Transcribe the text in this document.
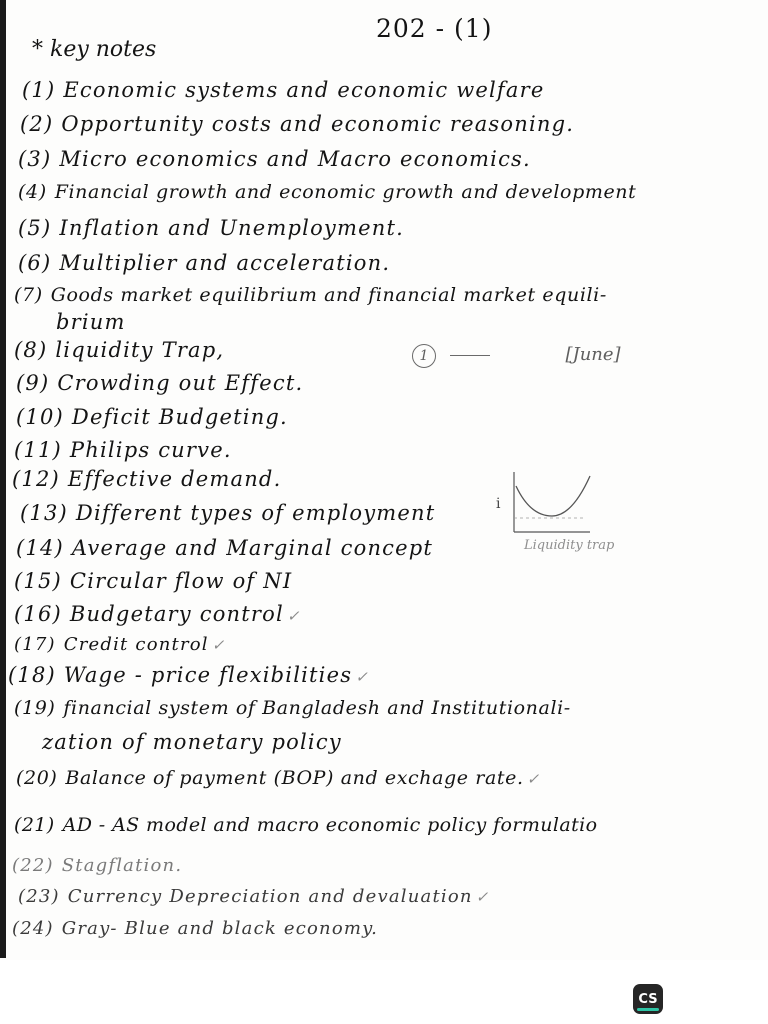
202 - (1)
* key notes
(1) Economic systems and economic welfare
(2) Opportunity costs and economic reasoning.
(3) Micro economics and Macro economics.
(4) Financial growth and economic growth and development
(5) Inflation and Unemployment.
(6) Multiplier and acceleration.
(7) Goods market equilibrium and financial market equili-
brium
(8) liquidity Trap,
(9) Crowding out Effect.
(10) Deficit Budgeting.
(11) Philips curve.
(12) Effective demand.
(13) Different types of employment
(14) Average and Marginal concept
(15) Circular flow of NI
(16) Budgetary control ✓
(17) Credit control ✓
(18) Wage - price flexibilities ✓
(19) financial system of Bangladesh and Institutionali-
zation of monetary policy
(20) Balance of payment (BOP) and exchage rate. ✓
(21) AD - AS model and macro economic policy formulatio
(22) Stagflation.
(23) Currency Depreciation and devaluation ✓
(24) Gray- Blue and black economy.
1	[June]
i
Liquidity trap
CS
